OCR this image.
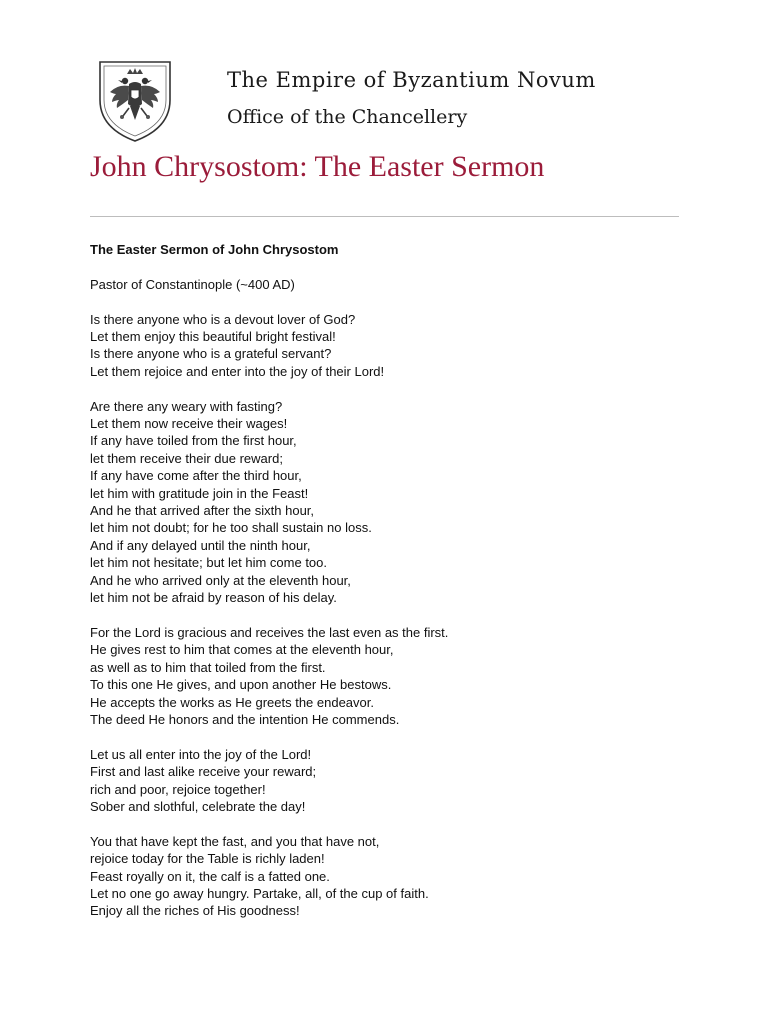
The Empire of Byzantium Novum
Office of the Chancellery
John Chrysostom: The Easter Sermon
The Easter Sermon of John Chrysostom
Pastor of Constantinople (~400 AD)
Is there anyone who is a devout lover of God?
Let them enjoy this beautiful bright festival!
Is there anyone who is a grateful servant?
Let them rejoice and enter into the joy of their Lord!
Are there any weary with fasting?
Let them now receive their wages!
If any have toiled from the first hour,
let them receive their due reward;
If any have come after the third hour,
let him with gratitude join in the Feast!
And he that arrived after the sixth hour,
let him not doubt; for he too shall sustain no loss.
And if any delayed until the ninth hour,
let him not hesitate; but let him come too.
And he who arrived only at the eleventh hour,
let him not be afraid by reason of his delay.
For the Lord is gracious and receives the last even as the first.
He gives rest to him that comes at the eleventh hour,
as well as to him that toiled from the first.
To this one He gives, and upon another He bestows.
He accepts the works as He greets the endeavor.
The deed He honors and the intention He commends.
Let us all enter into the joy of the Lord!
First and last alike receive your reward;
rich and poor, rejoice together!
Sober and slothful, celebrate the day!
You that have kept the fast, and you that have not,
rejoice today for the Table is richly laden!
Feast royally on it, the calf is a fatted one.
Let no one go away hungry. Partake, all, of the cup of faith.
Enjoy all the riches of His goodness!
